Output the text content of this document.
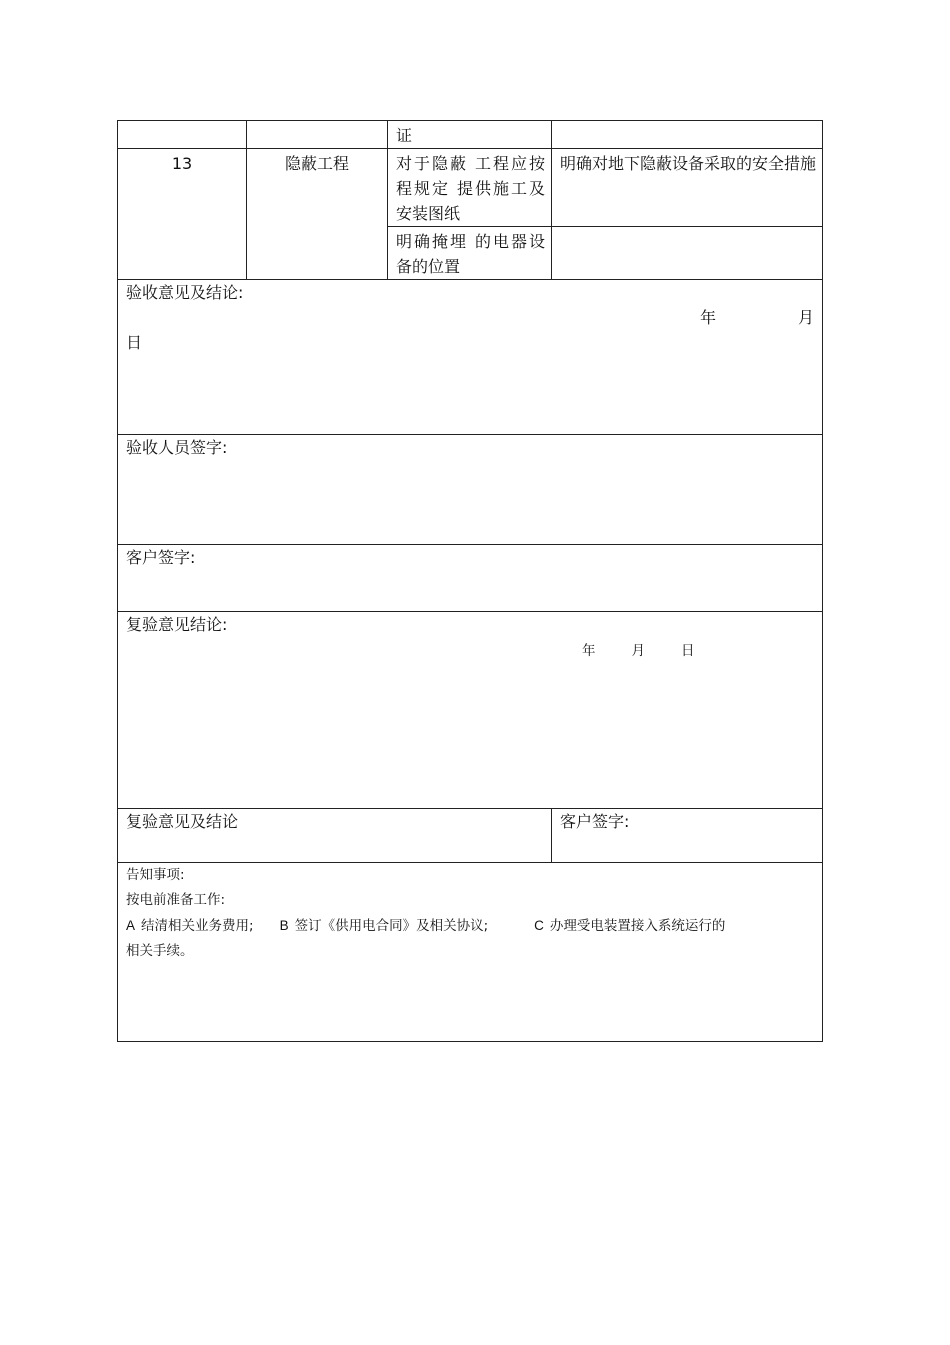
		证	
13	隐蔽工程	对于隐蔽 工程应按程规定 提供施工及安装图纸	明确对地下隐蔽设备采取的安全措施
		明确掩埋 的电器设备的位置	

验收意见及结论:
年 月
日			

验收人员签字:			

客户签字:			

复验意见结论:
年 月 日			

复验意见及结论			客户签字:

告知事项:

按电前准备工作:

A 结清相关业务费用; B 签订《供用电合同》及相关协议; C 办理受电装置接入系统运行的

相关手续。			
